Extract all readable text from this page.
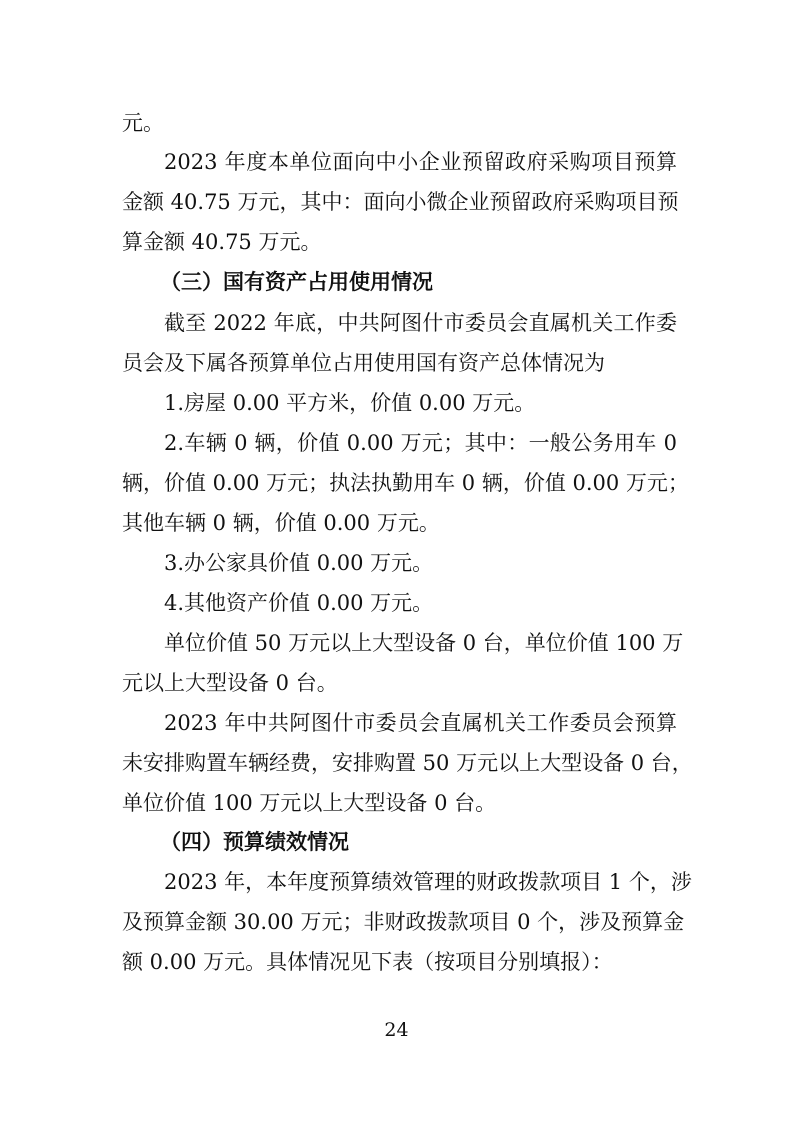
元。
2023 年度本单位面向中小企业预留政府采购项目预算
金额 40.75 万元，其中：面向小微企业预留政府采购项目预
算金额 40.75 万元。
（三）国有资产占用使用情况
截至 2022 年底，中共阿图什市委员会直属机关工作委
员会及下属各预算单位占用使用国有资产总体情况为
1.房屋 0.00 平方米，价值 0.00 万元。
2.车辆 0 辆，价值 0.00 万元；其中：一般公务用车 0
辆，价值 0.00 万元；执法执勤用车 0 辆，价值 0.00 万元；
其他车辆 0 辆，价值 0.00 万元。
3.办公家具价值 0.00 万元。
4.其他资产价值 0.00 万元。
单位价值 50 万元以上大型设备 0 台，单位价值 100 万
元以上大型设备 0 台。
2023 年中共阿图什市委员会直属机关工作委员会预算
未安排购置车辆经费，安排购置 50 万元以上大型设备 0 台，
单位价值 100 万元以上大型设备 0 台。
（四）预算绩效情况
2023 年，本年度预算绩效管理的财政拨款项目 1 个，涉
及预算金额 30.00 万元；非财政拨款项目 0 个，涉及预算金
额 0.00 万元。具体情况见下表（按项目分别填报）：
24
